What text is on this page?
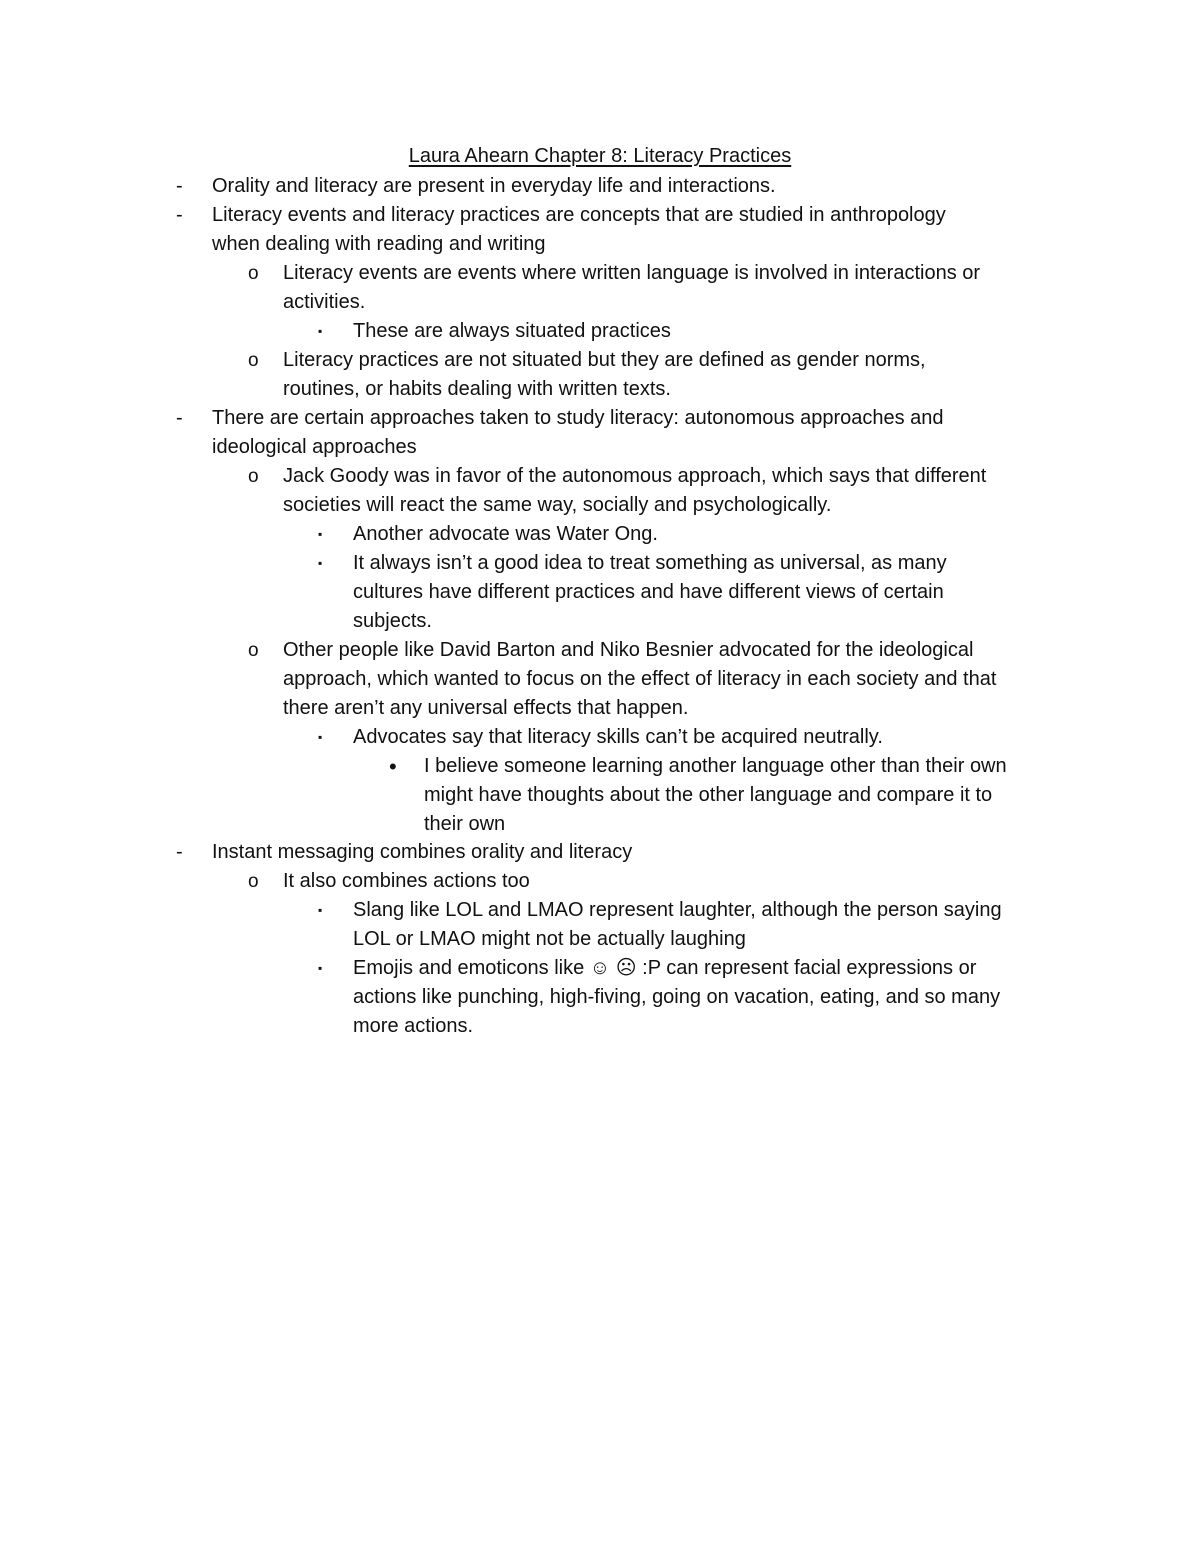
Laura Ahearn Chapter 8: Literacy Practices
- Orality and literacy are present in everyday life and interactions.
- Literacy events and literacy practices are concepts that are studied in anthropology
when dealing with reading and writing
o Literacy events are events where written language is involved in interactions or
activities.
▪ These are always situated practices
o Literacy practices are not situated but they are defined as gender norms,
routines, or habits dealing with written texts.
- There are certain approaches taken to study literacy: autonomous approaches and
ideological approaches
o Jack Goody was in favor of the autonomous approach, which says that different
societies will react the same way, socially and psychologically.
▪ Another advocate was Water Ong.
▪ It always isn’t a good idea to treat something as universal, as many
cultures have different practices and have different views of certain
subjects.
o Other people like David Barton and Niko Besnier advocated for the ideological
approach, which wanted to focus on the effect of literacy in each society and that
there aren’t any universal effects that happen.
▪ Advocates say that literacy skills can’t be acquired neutrally.
• I believe someone learning another language other than their own
might have thoughts about the other language and compare it to
their own
- Instant messaging combines orality and literacy
o It also combines actions too
▪ Slang like LOL and LMAO represent laughter, although the person saying
LOL or LMAO might not be actually laughing
▪ Emojis and emoticons like ☺ ☹ :P can represent facial expressions or
actions like punching, high-fiving, going on vacation, eating, and so many
more actions.
